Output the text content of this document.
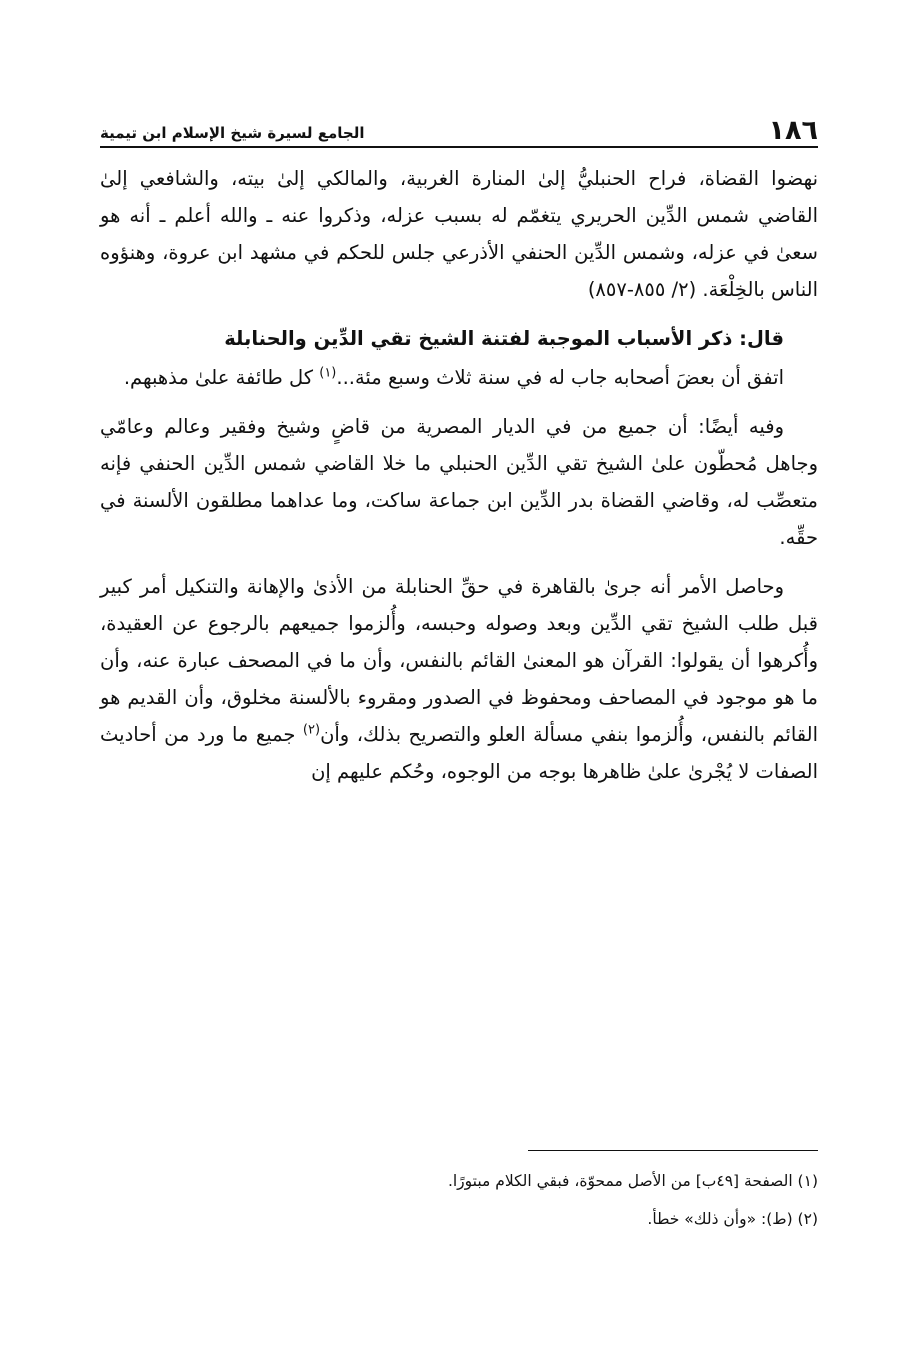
١٨٦
الجامع لسيرة شيخ الإسلام ابن تيمية

نهضوا القضاة، فراح الحنبليُّ إلىٰ المنارة الغربية، والمالكي إلىٰ بيته، والشافعي إلىٰ القاضي شمس الدِّين الحريري يتغمّم له بسبب عزله، وذكروا عنه ـ والله أعلم ـ أنه هو سعىٰ في عزله، وشمس الدِّين الحنفي الأذرعي جلس للحكم في مشهد ابن عروة، وهنؤوه الناس بالخِلْعَة. (٢/ ٨٥٥-٨٥٧)

قال: ذكر الأسباب الموجبة لفتنة الشيخ تقي الدِّين والحنابلة

اتفق أن بعضَ أصحابه جاب له في سنة ثلاث وسبع مئة...$^{(١)}$ كل طائفة علىٰ مذهبهم.

وفيه أيضًا: أن جميع من في الديار المصرية من قاضٍ وشيخ وفقير وعالم وعامّي وجاهل مُحطّون علىٰ الشيخ تقي الدِّين الحنبلي ما خلا القاضي شمس الدِّين الحنفي فإنه متعصِّب له، وقاضي القضاة بدر الدِّين ابن جماعة ساكت، وما عداهما مطلقون الألسنة في حقِّه.

وحاصل الأمر أنه جرىٰ بالقاهرة في حقِّ الحنابلة من الأذىٰ والإهانة والتنكيل أمر كبير قبل طلب الشيخ تقي الدِّين وبعد وصوله وحبسه، وأُلزموا جميعهم بالرجوع عن العقيدة، وأُكرهوا أن يقولوا: القرآن هو المعنىٰ القائم بالنفس، وأن ما في المصحف عبارة عنه، وأن ما هو موجود في المصاحف ومحفوظ في الصدور ومقروء بالألسنة مخلوق، وأن القديم هو القائم بالنفس، وأُلزموا بنفي مسألة العلو والتصريح بذلك، وأن$^{(٢)}$ جميع ما ورد من أحاديث الصفات لا يُجْرىٰ علىٰ ظاهرها بوجه من الوجوه، وحُكم عليهم إن

(١) الصفحة [٤٩ب] من الأصل ممحوّة، فبقي الكلام مبتورًا.

(٢) (ط): «وأن ذلك» خطأ.
